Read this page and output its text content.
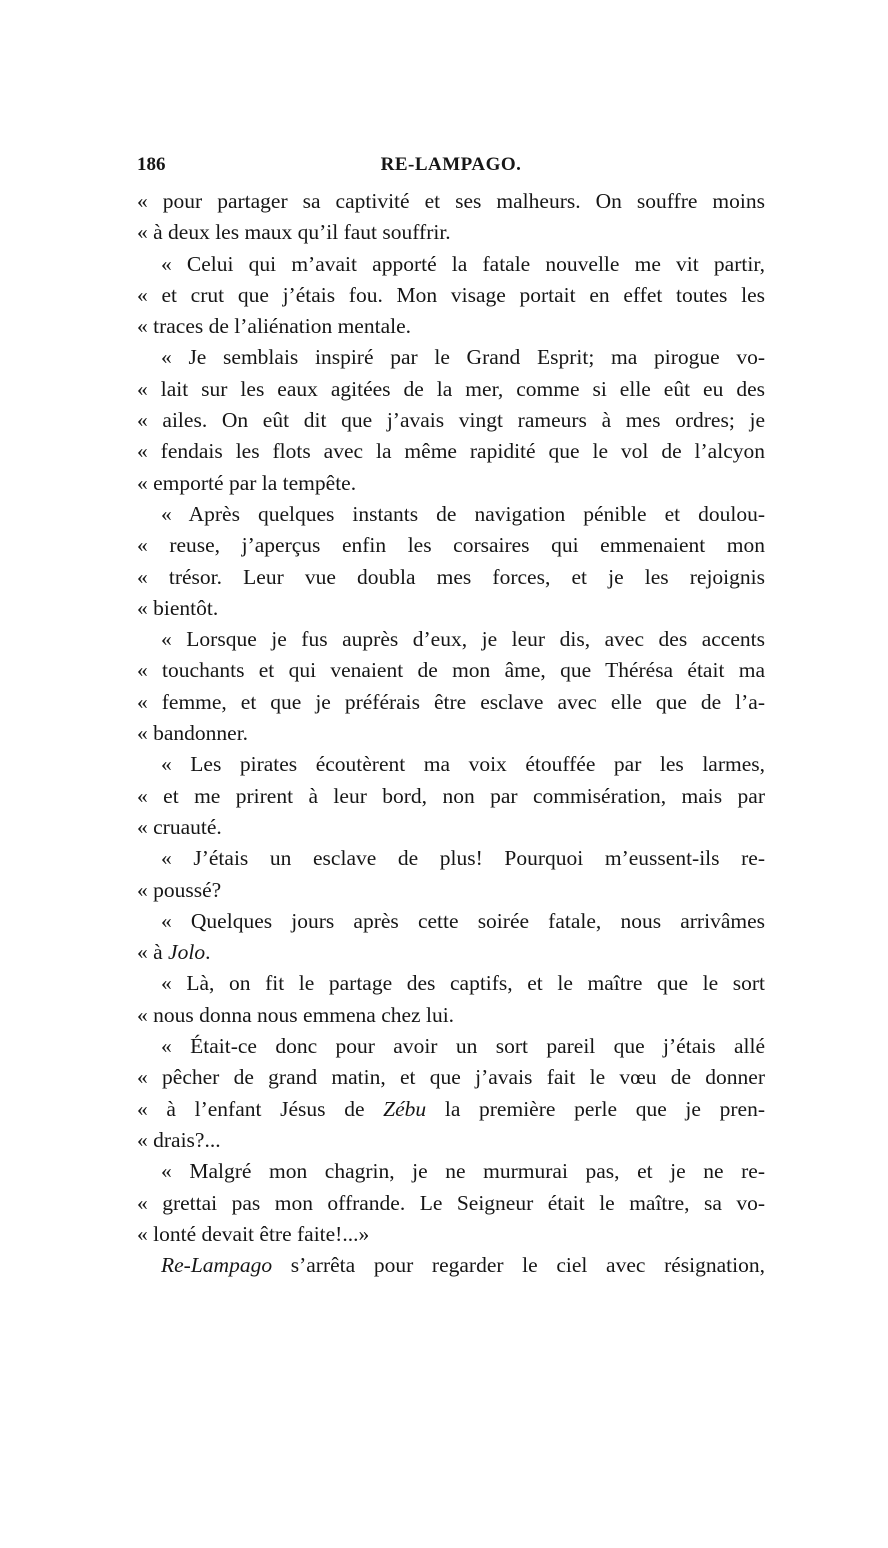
186	RE-LAMPAGO.
« pour partager sa captivité et ses malheurs. On souffre moins
« à deux les maux qu’il faut souffrir.
« Celui qui m’avait apporté la fatale nouvelle me vit partir,
« et crut que j’étais fou. Mon visage portait en effet toutes les
« traces de l’aliénation mentale.
« Je semblais inspiré par le Grand Esprit; ma pirogue vo-
« lait sur les eaux agitées de la mer, comme si elle eût eu des
« ailes. On eût dit que j’avais vingt rameurs à mes ordres; je
« fendais les flots avec la même rapidité que le vol de l’alcyon
« emporté par la tempête.
« Après quelques instants de navigation pénible et doulou-
« reuse, j’aperçus enfin les corsaires qui emmenaient mon
« trésor. Leur vue doubla mes forces, et je les rejoignis
« bientôt.
« Lorsque je fus auprès d’eux, je leur dis, avec des accents
« touchants et qui venaient de mon âme, que Thérésa était ma
« femme, et que je préférais être esclave avec elle que de l’a-
« bandonner.
« Les pirates écoutèrent ma voix étouffée par les larmes,
« et me prirent à leur bord, non par commisération, mais par
« cruauté.
« J’étais un esclave de plus! Pourquoi m’eussent-ils re-
« poussé?
« Quelques jours après cette soirée fatale, nous arrivâmes
« à Jolo.
« Là, on fit le partage des captifs, et le maître que le sort
« nous donna nous emmena chez lui.
« Était-ce donc pour avoir un sort pareil que j’étais allé
« pêcher de grand matin, et que j’avais fait le vœu de donner
« à l’enfant Jésus de Zébu la première perle que je pren-
« drais?...
« Malgré mon chagrin, je ne murmurai pas, et je ne re-
« grettai pas mon offrande. Le Seigneur était le maître, sa vo-
« lonté devait être faite!...»
Re-Lampago s’arrêta pour regarder le ciel avec résignation,
